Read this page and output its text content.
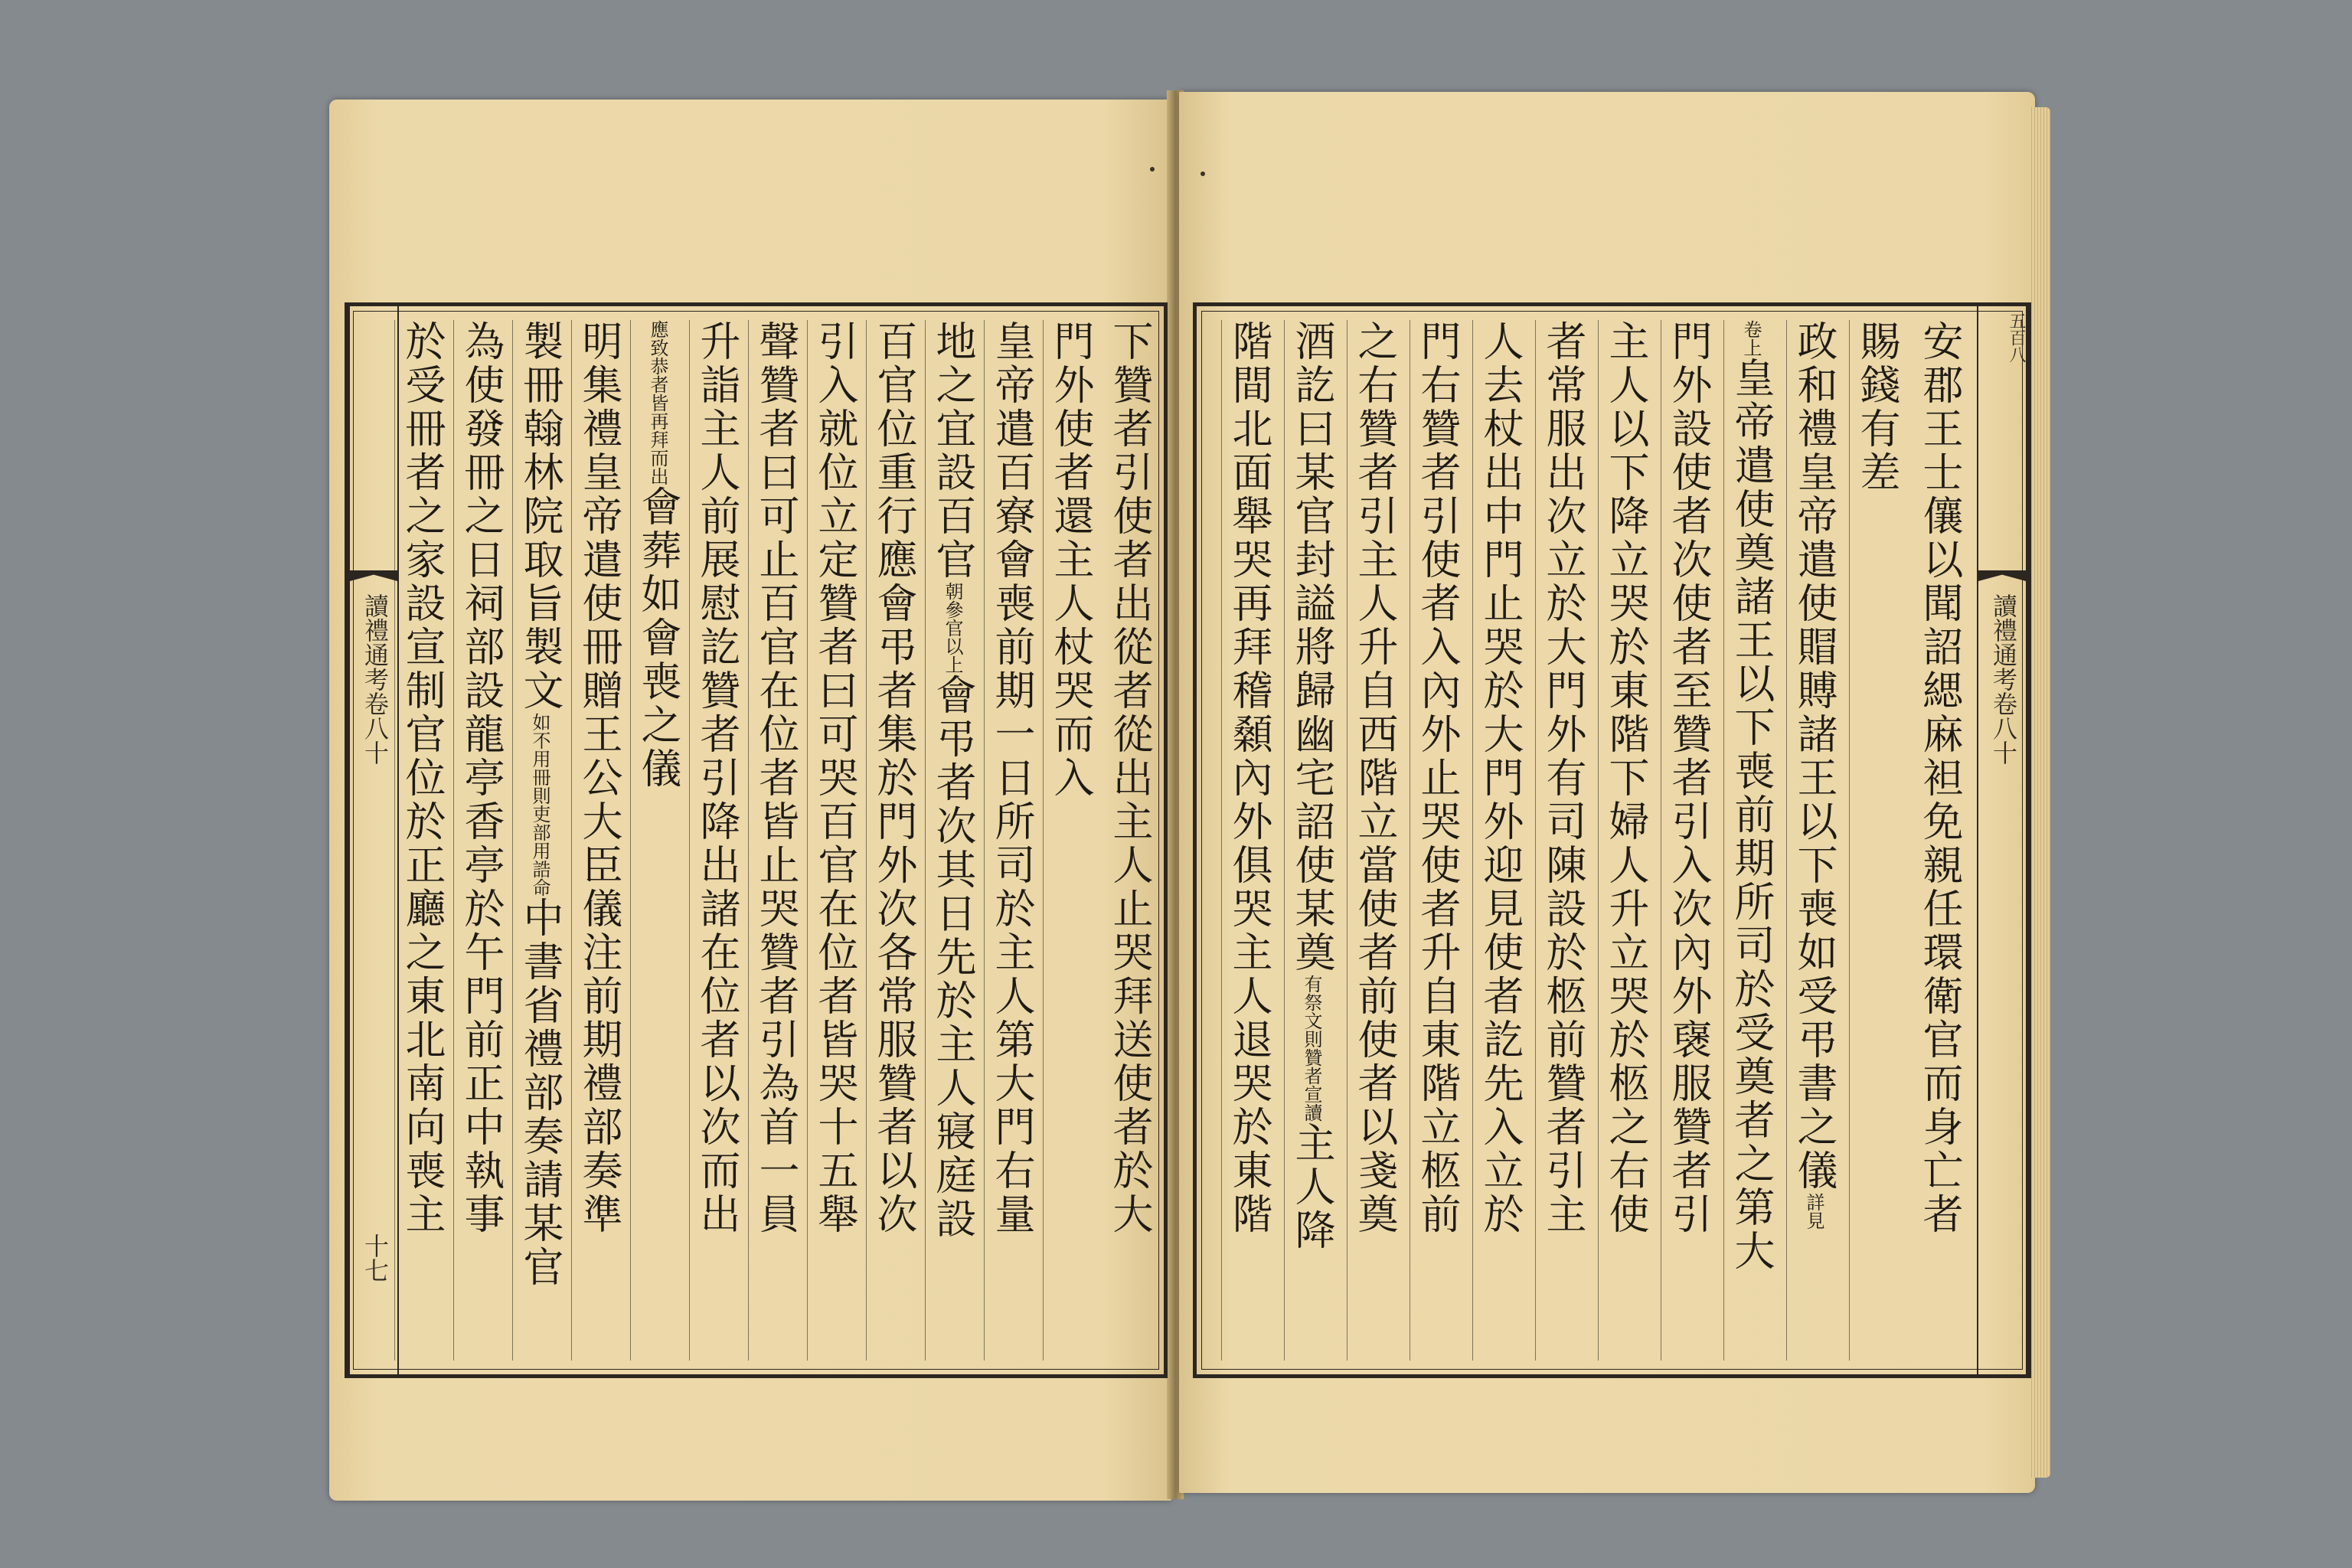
讀禮通考卷八十
十七
下贊者引使者出從者從出主人止哭拜送使者於大
門外使者還主人杖哭而入
皇帝遣百寮會喪前期一日所司於主人第大門右量
地之宜設百官朝參官以上會弔者次其日先於主人寢庭設
百官位重行應會弔者集於門外次各常服贊者以次
引入就位立定贊者曰可哭百官在位者皆哭十五舉
聲贊者曰可止百官在位者皆止哭贊者引為首一員
升詣主人前展慰訖贊者引降出諸在位者以次而出
應致恭者皆再拜而出會葬如會喪之儀
明集禮皇帝遣使冊贈王公大臣儀注前期禮部奏準
製冊翰林院取旨製文如不用冊則吏部用誥命中書省禮部奏請某官
為使發冊之日祠部設龍亭香亭於午門前正中執事
於受冊者之家設宣制官位於正廳之東北南向喪主	五百八
讀禮通考卷八十
安郡王士儴以聞詔緦麻袒免親任環衛官而身亡者
賜錢有差
政和禮皇帝遣使賵賻諸王以下喪如受弔書之儀詳見
卷上皇帝遣使奠諸王以下喪前期所司於受奠者之第大
門外設使者次使者至贊者引入次內外襃服贊者引
主人以下降立哭於東階下婦人升立哭於柩之右使
者常服出次立於大門外有司陳設於柩前贊者引主
人去杖出中門止哭於大門外迎見使者訖先入立於
門右贊者引使者入內外止哭使者升自東階立柩前
之右贊者引主人升自西階立當使者前使者以戔奠
酒訖曰某官封謚將歸幽宅詔使某奠有祭文則贊者宣讀主人降
階間北面舉哭再拜稽顙內外俱哭主人退哭於東階
